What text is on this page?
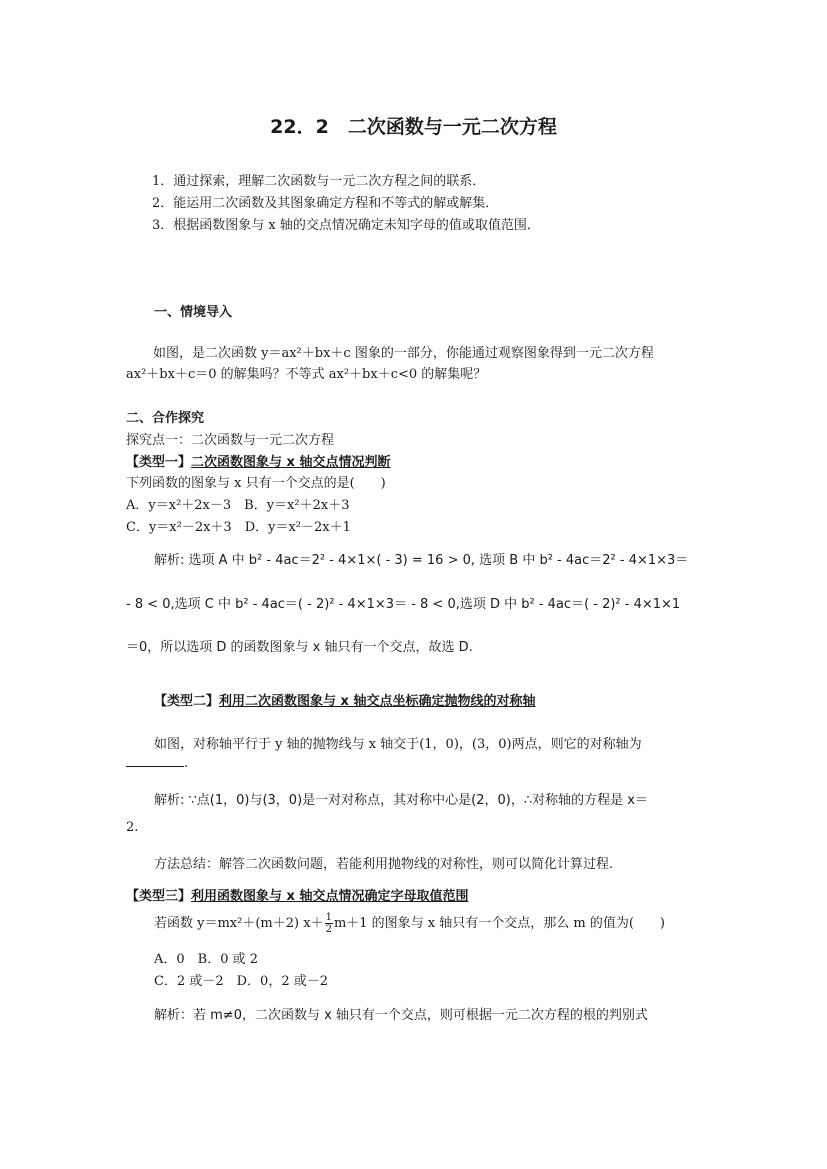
22．2　二次函数与一元二次方程
1．通过探索，理解二次函数与一元二次方程之间的联系．
2．能运用二次函数及其图象确定方程和不等式的解或解集．
3．根据函数图象与 x 轴的交点情况确定未知字母的值或取值范围．
一、情境导入
如图，是二次函数 y＝ax²＋bx＋c 图象的一部分，你能通过观察图象得到一元二次方程
ax²＋bx＋c＝0 的解集吗？不等式 ax²＋bx＋c<0 的解集呢？
二、合作探究
探究点一：二次函数与一元二次方程
【类型一】二次函数图象与 x 轴交点情况判断
下列函数的图象与 x 只有一个交点的是(　　)
A．y＝x²＋2x－3　B．y＝x²＋2x＋3
C．y＝x²－2x＋3　D．y＝x²－2x＋1
解析: 选项 A 中 b² - 4ac＝2² - 4×1×( - 3) = 16 > 0, 选项 B 中 b² - 4ac＝2² - 4×1×3＝
- 8 < 0,选项 C 中 b² - 4ac＝( - 2)² - 4×1×3＝ - 8 < 0,选项 D 中 b² - 4ac＝( - 2)² - 4×1×1
＝0，所以选项 D 的函数图象与 x 轴只有一个交点，故选 D.
【类型二】利用二次函数图象与 x 轴交点坐标确定抛物线的对称轴
如图，对称轴平行于 y 轴的抛物线与 x 轴交于(1，0)，(3，0)两点，则它的对称轴为
.
解析: ∵点(1，0)与(3，0)是一对对称点，其对称中心是(2，0)，∴对称轴的方程是 x＝
2.
方法总结：解答二次函数问题，若能利用抛物线的对称性，则可以简化计算过程.
【类型三】利用函数图象与 x 轴交点情况确定字母取值范围
若函数 y＝mx²＋(m＋2) $x+ \frac{1}{2} m+1$ 的图象与 x 轴只有一个交点，那么 m 的值为(　　)
A．0　B．0 或 2
C．2 或－2　D．0，2 或－2
解析：若 m≠0，二次函数与 x 轴只有一个交点，则可根据一元二次方程的根的判别式
